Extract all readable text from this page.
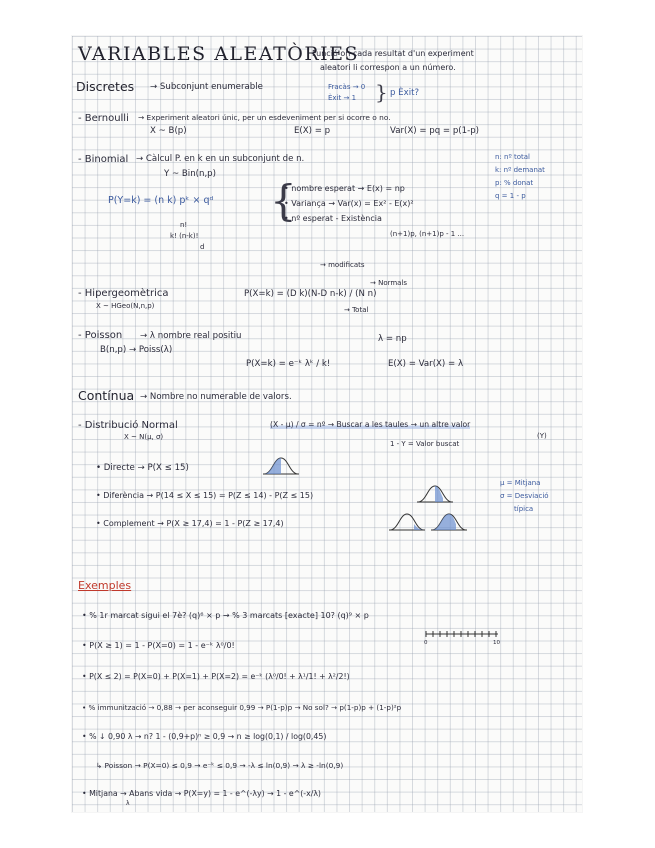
VARIABLES ALEATÒRIES
Funció on cada resultat d'un experiment
aleatori li correspon a un número.
Discretes → Subconjunt enumerable	Fracàs → 0
Èxit → 1 } p Èxit?
- Bernoulli → Experiment aleatori únic, per un esdeveniment per si ocorre o no.
X ~ B(p)	E(X) = p	Var(X) = pq = p(1-p)
- Binomial → Càlcul P. en k en un subconjunt de n.
Y ~ Bin(n,p)
P(Y=k) = (n k) pᵏ × qᵈ
n!
k! (n-k)!
d
{
• nombre esperat → E(x) = np
• Variança → Var(x) = Ex² - E(x)²
• nº esperat - Existència
(n+1)p, (n+1)p - 1 ...
n: nº total
k: nº demanat
p: % donat
q = 1 - p
→ modificats
- Hipergeomètrica
X ~ HGeo(N,n,p)
P(X=k) = (D k)(N-D n-k) / (N n)
→ Normals
→ Total
- Poisson → λ nombre real positiu
B(n,p) → Poiss(λ)
λ = np
P(X=k) = e⁻ᵏ λᵏ / k!	E(X) = Var(X) = λ
Contínua → Nombre no numerable de valors.
- Distribució Normal
X ~ N(μ, σ)
(X - μ) / σ = nº → Buscar a les taules → un altre valor
(Y)
1 - Y = Valor buscat
• Directe → P(X ≤ 15)
• Diferència → P(14 ≤ X ≤ 15) = P(Z ≤ 14) - P(Z ≤ 15)
• Complement → P(X ≥ 17,4) = 1 - P(Z ≥ 17,4)
μ = Mitjana
σ = Desviació
típica
Exemples
• % 1r marcat sigui el 7è? (q)⁶ × p → % 3 marcats [exacte] 10? (q)⁹ × p
0	10
• P(X ≥ 1) = 1 - P(X=0) = 1 - e⁻ᵏ λ⁰/0!
• P(X ≤ 2) = P(X=0) + P(X=1) + P(X=2) = e⁻ᵏ (λ⁰/0! + λ¹/1! + λ²/2!)
• % immunització → 0,88 → per aconseguir 0,99 → P(1-p)p → No sol? → p(1-p)p + (1-p)²p
• % ↓ 0,90 λ → n? 1 - (0,9+p)ⁿ ≥ 0,9 → n ≥ log(0,1) / log(0,45)
↳ Poisson → P(X=0) ≤ 0,9 → e⁻ᵏ ≤ 0,9 → -λ ≤ ln(0,9) → λ ≥ -ln(0,9)
• Mitjana → Abans vida → P(X=y) = 1 - e^(-λy) → 1 - e^(-x/λ)
λ
